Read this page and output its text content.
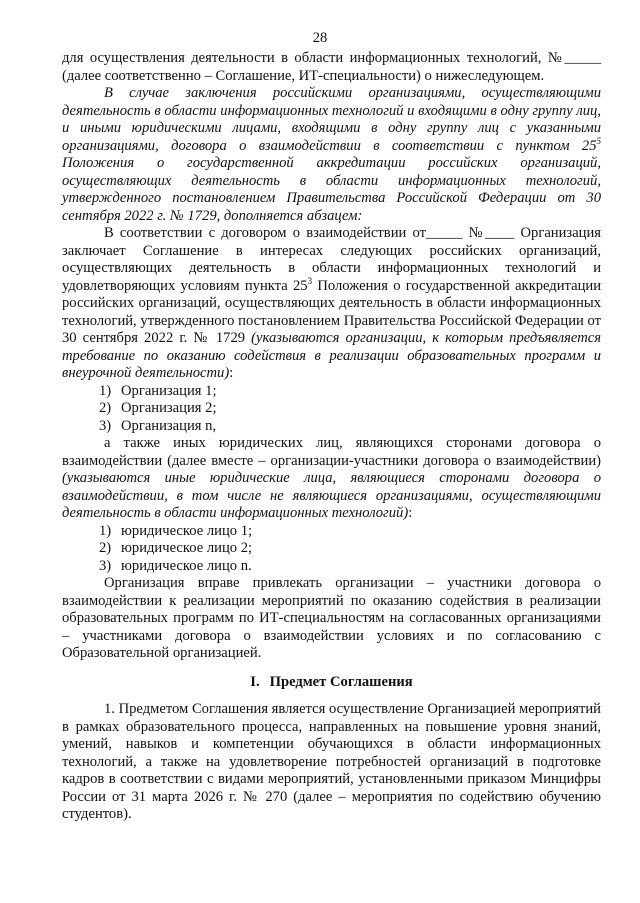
28

для осуществления деятельности в области информационных технологий, №_____ (далее соответственно – Соглашение, ИТ-специальности) о нижеследующем.

В случае заключения российскими организациями, осуществляющими деятельность в области информационных технологий и входящими в одну группу лиц, и иными юридическими лицами, входящими в одну группу лиц с указанными организациями, договора о взаимодействии в соответствии с пунктом $25^5$ Положения о государственной аккредитации российских организаций, осуществляющих деятельность в области информационных технологий, утвержденного постановлением Правительства Российской Федерации от 30 сентября 2022 г. № 1729, дополняется абзацем:

В соответствии с договором о взаимодействии от_____ №____ Организация заключает Соглашение в интересах следующих российских организаций, осуществляющих деятельность в области информационных технологий и удовлетворяющих условиям пункта $25^3$ Положения о государственной аккредитации российских организаций, осуществляющих деятельность в области информационных технологий, утвержденного постановлением Правительства Российской Федерации от 30 сентября 2022 г. № 1729 (указываются организации, к которым предъявляется требование по оказанию содействия в реализации образовательных программ и внеурочной деятельности):

1) Организация 1;
2) Организация 2;
3) Организация n,

а также иных юридических лиц, являющихся сторонами договора о взаимодействии (далее вместе – организации-участники договора о взаимодействии) (указываются иные юридические лица, являющиеся сторонами договора о взаимодействии, в том числе не являющиеся организациями, осуществляющими деятельность в области информационных технологий):

1) юридическое лицо 1;
2) юридическое лицо 2;
3) юридическое лицо n.

Организация вправе привлекать организации – участники договора о взаимодействии к реализации мероприятий по оказанию содействия в реализации образовательных программ по ИТ-специальностям на согласованных организациями – участниками договора о взаимодействии условиях и по согласованию с Образовательной организацией.

I. Предмет Соглашения

1. Предметом Соглашения является осуществление Организацией мероприятий в рамках образовательного процесса, направленных на повышение уровня знаний, умений, навыков и компетенции обучающихся в области информационных технологий, а также на удовлетворение потребностей организаций в подготовке кадров в соответствии с видами мероприятий, установленными приказом Минцифры России от 31 марта 2026 г. № 270 (далее – мероприятия по содействию обучению студентов).
